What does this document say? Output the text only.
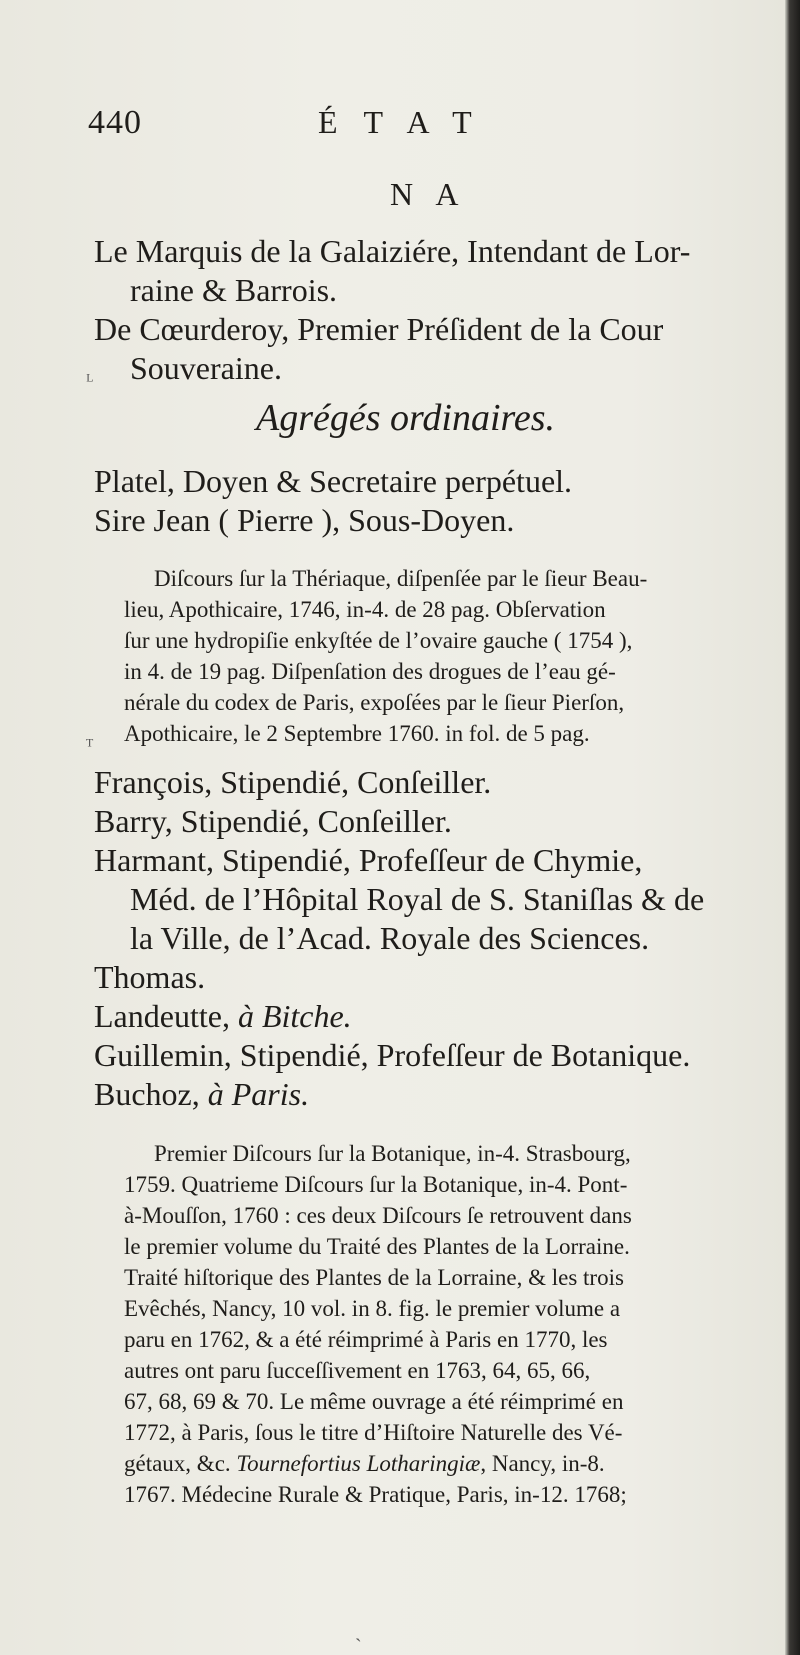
440	ÉTAT
N A
Le Marquis de la Galaiziére, Intendant de Lor-
raine & Barrois.
De Cœurderoy, Premier Préſident de la Cour
Souveraine.
Agrégés ordinaires.
Platel, Doyen & Secretaire perpétuel.
Sire Jean ( Pierre ), Sous-Doyen.
Diſcours ſur la Thériaque, diſpenſée par le ſieur Beau-
lieu, Apothicaire, 1746, in-4. de 28 pag. Obſervation
ſur une hydropiſie enkyſtée de l’ovaire gauche ( 1754 ),
in 4. de 19 pag. Diſpenſation des drogues de l’eau gé-
nérale du codex de Paris, expoſées par le ſieur Pierſon,
Apothicaire, le 2 Septembre 1760. in fol. de 5 pag.
François, Stipendié, Conſeiller.
Barry, Stipendié, Conſeiller.
Harmant, Stipendié, Profeſſeur de Chymie,
Méd. de l’Hôpital Royal de S. Staniſlas & de
la Ville, de l’Acad. Royale des Sciences.
Thomas.
Landeutte, à Bitche.
Guillemin, Stipendié, Profeſſeur de Botanique.
Buchoz, à Paris.
Premier Diſcours ſur la Botanique, in-4. Strasbourg,
1759. Quatrieme Diſcours ſur la Botanique, in-4. Pont-
à-Mouſſon, 1760 : ces deux Diſcours ſe retrouvent dans
le premier volume du Traité des Plantes de la Lorraine.
Traité hiſtorique des Plantes de la Lorraine, & les trois
Evêchés, Nancy, 10 vol. in 8. fig. le premier volume a
paru en 1762, & a été réimprimé à Paris en 1770, les
autres ont paru ſucceſſivement en 1763, 64, 65, 66,
67, 68, 69 & 70. Le même ouvrage a été réimprimé en
1772, à Paris, ſous le titre d’Hiſtoire Naturelle des Vé-
gétaux, &c. Tournefortius Lotharingiæ, Nancy, in-8.
1767. Médecine Rurale & Pratique, Paris, in-12. 1768;
ᴸ
ᵀ
ˎ
